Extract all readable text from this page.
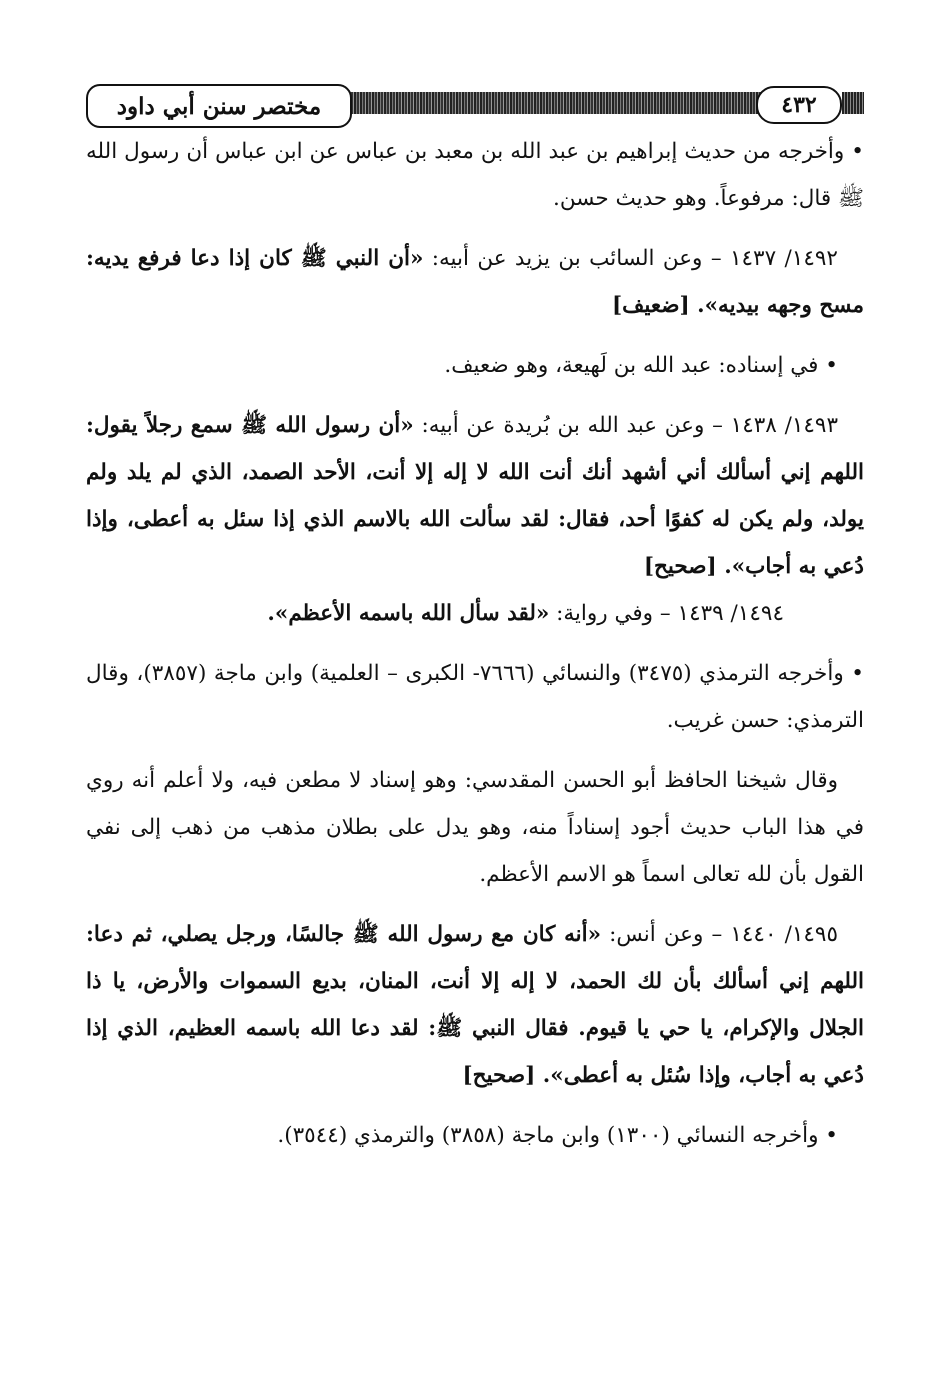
مختصر سنن أبي داود	٤٣٢

• وأخرجه من حديث إبراهيم بن عبد الله بن معبد بن عباس عن ابن عباس أن رسول الله ﷺ قال: مرفوعاً. وهو حديث حسن.

١٤٩٢/ ١٤٣٧ – وعن السائب بن يزيد عن أبيه: «أن النبي ﷺ كان إذا دعا فرفع يديه: مسح وجهه بيديه». [ضعيف]

• في إسناده: عبد الله بن لَهيعة، وهو ضعيف.

١٤٩٣/ ١٤٣٨ – وعن عبد الله بن بُريدة عن أبيه: «أن رسول الله ﷺ سمع رجلاً يقول: اللهم إني أسألك أني أشهد أنك أنت الله لا إله إلا أنت، الأحد الصمد، الذي لم يلد ولم يولد، ولم يكن له كفوًا أحد، فقال: لقد سألت الله بالاسم الذي إذا سئل به أعطى، وإذا دُعي به أجاب». [صحيح]

١٤٩٤/ ١٤٣٩ – وفي رواية: «لقد سأل الله باسمه الأعظم».

• وأخرجه الترمذي (٣٤٧٥) والنسائي (٧٦٦٦- الكبرى – العلمية) وابن ماجة (٣٨٥٧)، وقال الترمذي: حسن غريب.

وقال شيخنا الحافظ أبو الحسن المقدسي: وهو إسناد لا مطعن فيه، ولا أعلم أنه روي في هذا الباب حديث أجود إسناداً منه، وهو يدل على بطلان مذهب من ذهب إلى نفي القول بأن لله تعالى اسماً هو الاسم الأعظم.

١٤٩٥/ ١٤٤٠ – وعن أنس: «أنه كان مع رسول الله ﷺ جالسًا، ورجل يصلي، ثم دعا: اللهم إني أسألك بأن لك الحمد، لا إله إلا أنت، المنان، بديع السموات والأرض، يا ذا الجلال والإكرام، يا حي يا قيوم. فقال النبي ﷺ: لقد دعا الله باسمه العظيم، الذي إذا دُعي به أجاب، وإذا سُئل به أعطى». [صحيح]

• وأخرجه النسائي (١٣٠٠) وابن ماجة (٣٨٥٨) والترمذي (٣٥٤٤).
